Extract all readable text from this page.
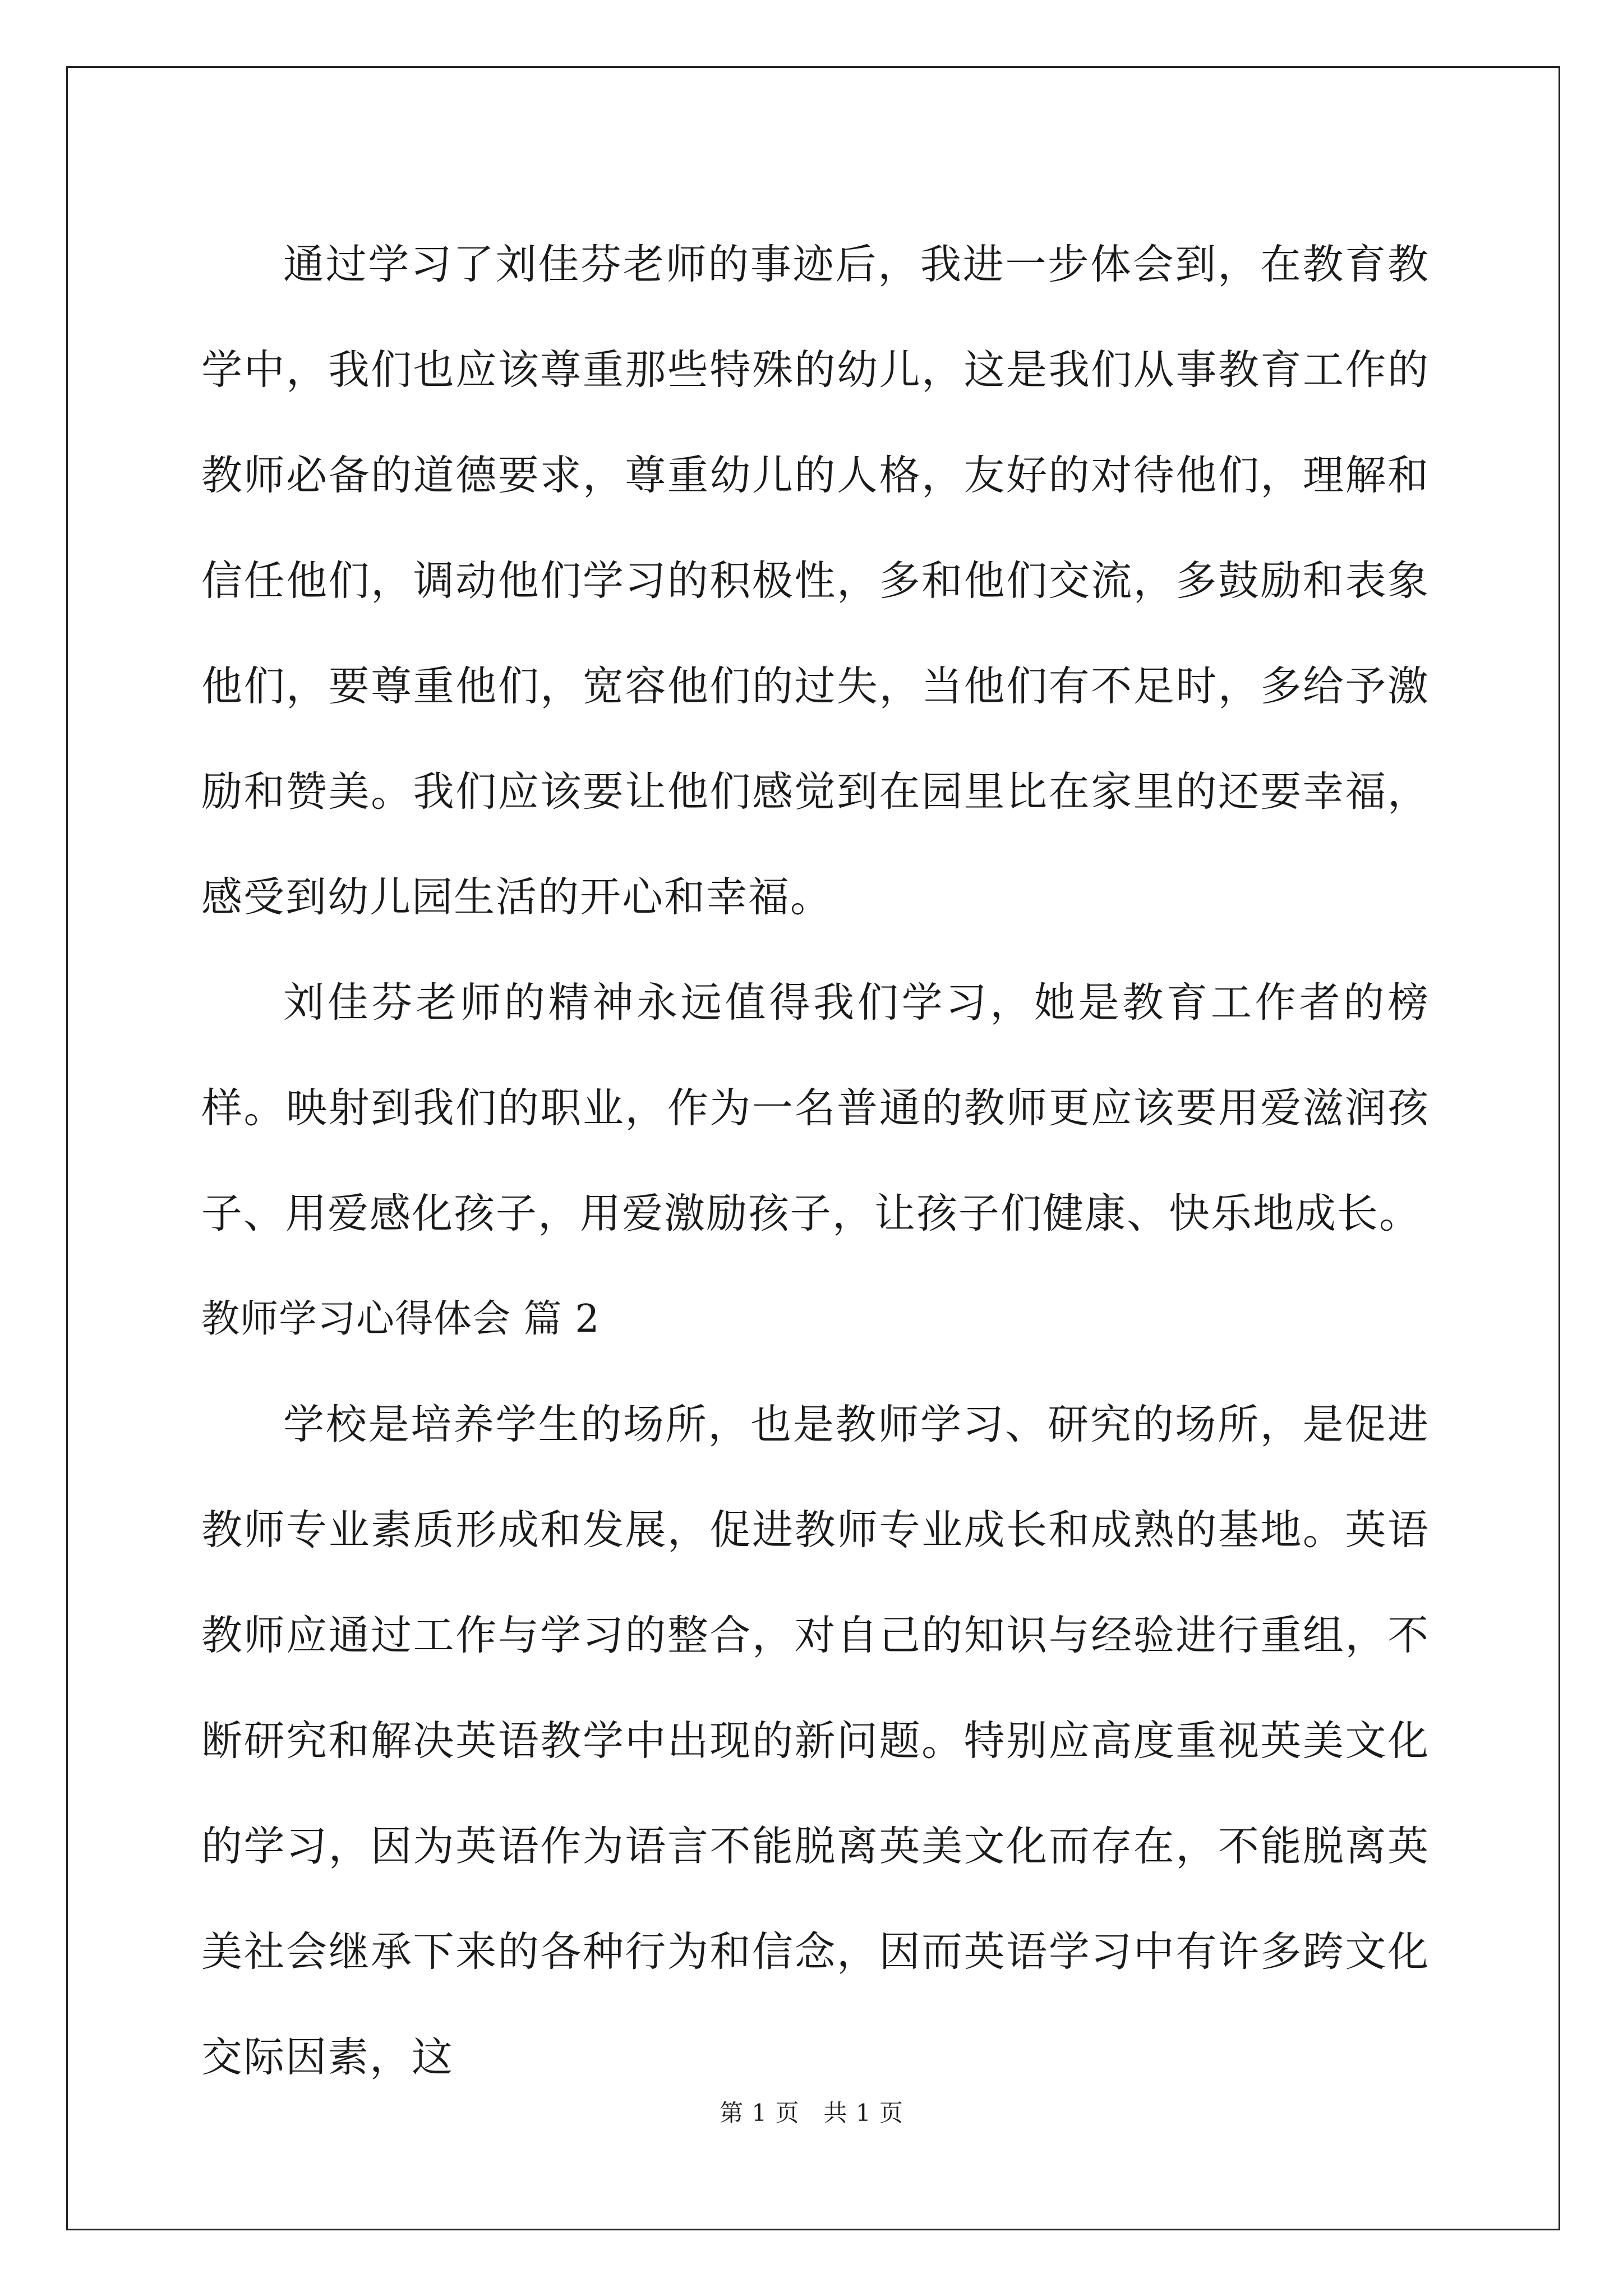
通过学习了刘佳芬老师的事迹后，我进一步体会到，在教育教学中，我们也应该尊重那些特殊的幼儿，这是我们从事教育工作的教师必备的道德要求，尊重幼儿的人格，友好的对待他们，理解和信任他们，调动他们学习的积极性，多和他们交流，多鼓励和表象他们，要尊重他们，宽容他们的过失，当他们有不足时，多给予激励和赞美。我们应该要让他们感觉到在园里比在家里的还要幸福，感受到幼儿园生活的开心和幸福。

刘佳芬老师的精神永远值得我们学习，她是教育工作者的榜样。映射到我们的职业，作为一名普通的教师更应该要用爱滋润孩子、用爱感化孩子，用爱激励孩子，让孩子们健康、快乐地成长。

教师学习心得体会 篇 2

学校是培养学生的场所，也是教师学习、研究的场所，是促进教师专业素质形成和发展，促进教师专业成长和成熟的基地。英语教师应通过工作与学习的整合，对自己的知识与经验进行重组，不断研究和解决英语教学中出现的新问题。特别应高度重视英美文化的学习，因为英语作为语言不能脱离英美文化而存在，不能脱离英美社会继承下来的各种行为和信念，因而英语学习中有许多跨文化交际因素，这

第 1 页　共 1 页
